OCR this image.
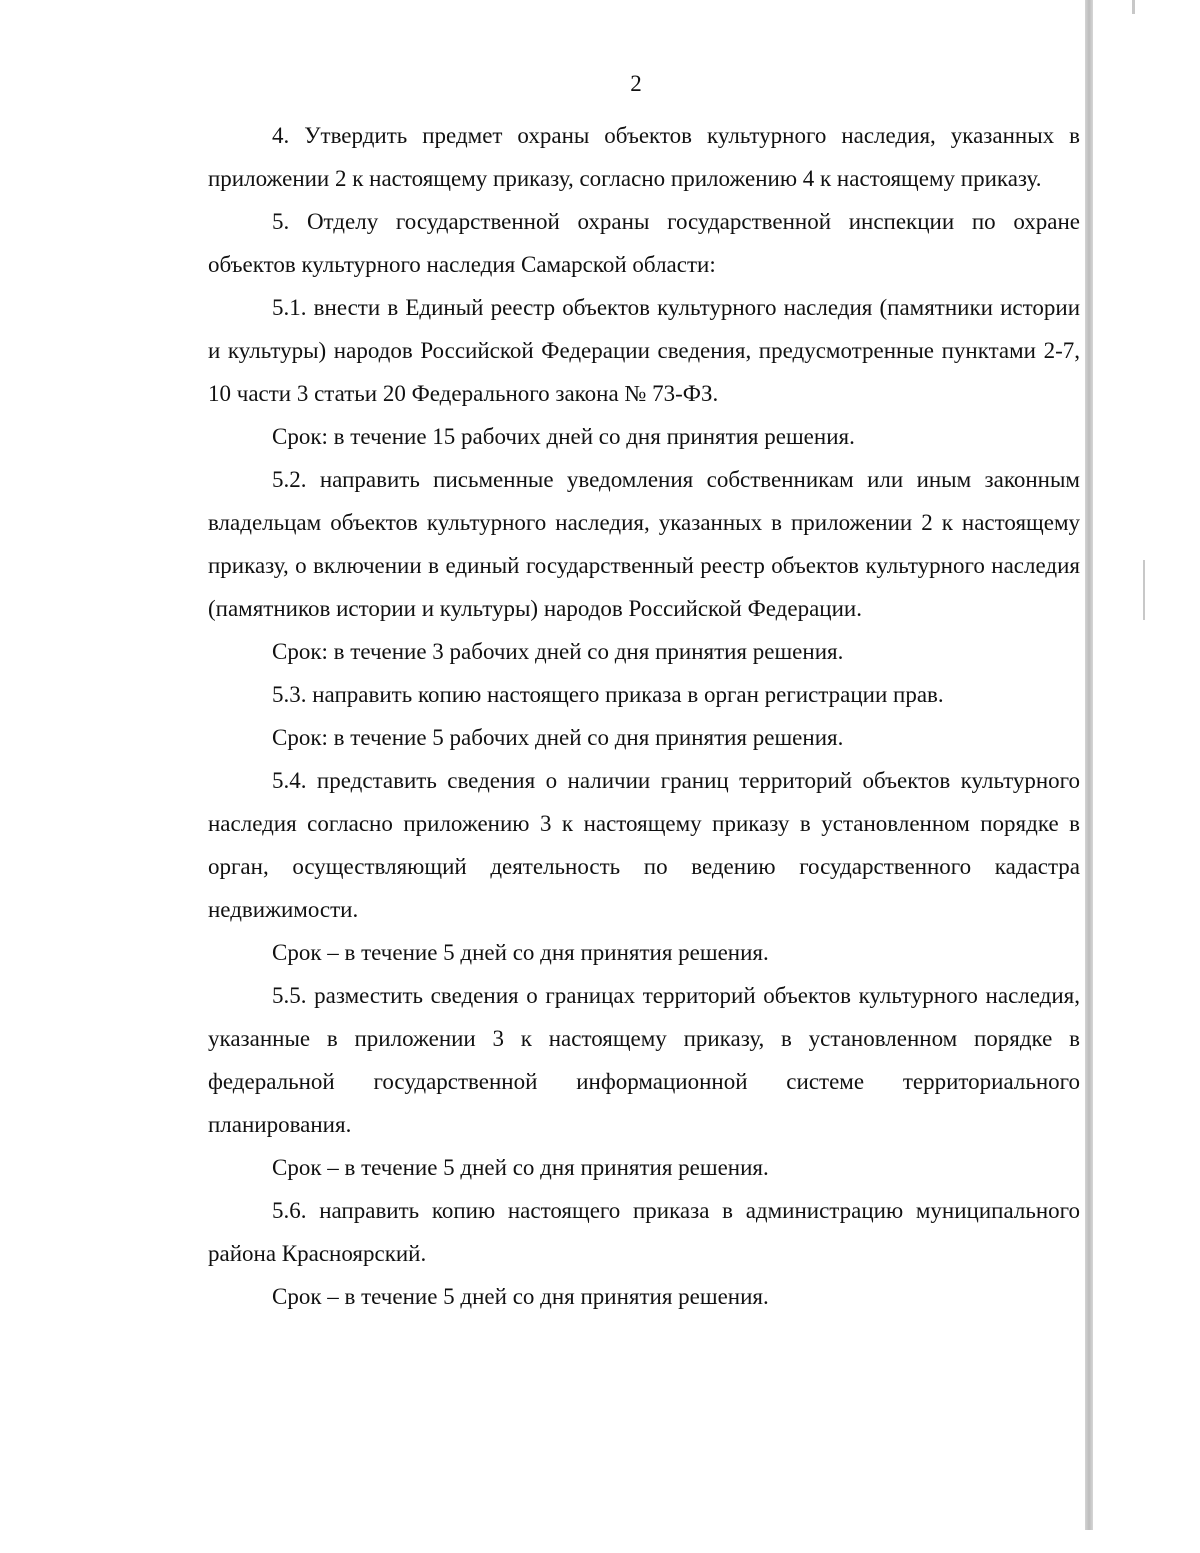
2

4. Утвердить предмет охраны объектов культурного наследия, указанных в приложении 2 к настоящему приказу, согласно приложению 4 к настоящему приказу.

5. Отделу государственной охраны государственной инспекции по охране объектов культурного наследия Самарской области:

5.1. внести в Единый реестр объектов культурного наследия (памятники истории и культуры) народов Российской Федерации сведения, предусмотренные пунктами 2-7, 10 части 3 статьи 20 Федерального закона № 73-ФЗ.

Срок: в течение 15 рабочих дней со дня принятия решения.

5.2. направить письменные уведомления собственникам или иным законным владельцам объектов культурного наследия, указанных в приложении 2 к настоящему приказу, о включении в единый государственный реестр объектов культурного наследия (памятников истории и культуры) народов Российской Федерации.

Срок: в течение 3 рабочих дней со дня принятия решения.

5.3. направить копию настоящего приказа в орган регистрации прав.

Срок: в течение 5 рабочих дней со дня принятия решения.

5.4. представить сведения о наличии границ территорий объектов культурного наследия согласно приложению 3 к настоящему приказу в установленном порядке в орган, осуществляющий деятельность по ведению государственного кадастра недвижимости.

Срок – в течение 5 дней со дня принятия решения.

5.5. разместить сведения о границах территорий объектов культурного наследия, указанные в приложении 3 к настоящему приказу, в установленном порядке в федеральной государственной информационной системе территориального планирования.

Срок – в течение 5 дней со дня принятия решения.

5.6. направить копию настоящего приказа в администрацию муниципального района Красноярский.

Срок – в течение 5 дней со дня принятия решения.
